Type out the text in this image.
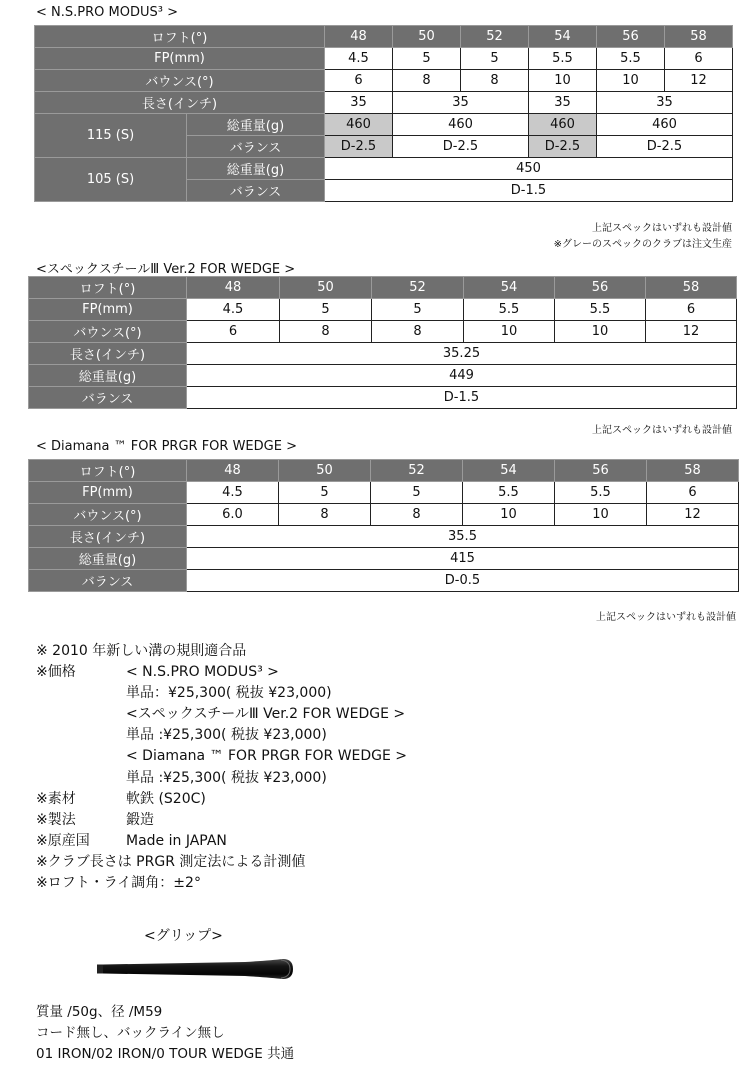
< N.S.PRO MODUS³ >
ロフト(°)		48	50	52	54	56	58
FP(mm)		4.5	5	5	5.5	5.5	6
バウンス(°)		6	8	8	10	10	12
長さ(インチ)		35	35		35	35	
115 (S)	総重量(g)	460	460		460	460	
	バランス	D-2.5	D-2.5		D-2.5	D-2.5	
105 (S)	総重量(g)	450					
	バランス	D-1.5					
上記スペックはいずれも設計値
※グレーのスペックのクラブは注文生産
<スペックスチールⅢ Ver.2 FOR WEDGE >
ロフト(°)	48	50	52	54	56	58
FP(mm)	4.5	5	5	5.5	5.5	6
バウンス(°)	6	8	8	10	10	12
長さ(インチ)	35.25					
総重量(g)	449					
バランス	D-1.5					
上記スペックはいずれも設計値
< Diamana ™ FOR PRGR FOR WEDGE >
ロフト(°)	48	50	52	54	56	58
FP(mm)	4.5	5	5	5.5	5.5	6
バウンス(°)	6.0	8	8	10	10	12
長さ(インチ)	35.5					
総重量(g)	415					
バランス	D-0.5					
上記スペックはいずれも設計値
※ 2010 年新しい溝の規則適合品
※価格	< N.S.PRO MODUS³ >
単品：¥25,300( 税抜 ¥23,000)
<スペックスチールⅢ Ver.2 FOR WEDGE >
単品 :¥25,300( 税抜 ¥23,000)
< Diamana ™ FOR PRGR FOR WEDGE >
単品 :¥25,300( 税抜 ¥23,000)
※素材	軟鉄 (S20C)
※製法	鍛造
※原産国	Made in JAPAN
※クラブ長さは PRGR 測定法による計測値
※ロフト・ライ調角：±2°
<グリップ>
質量 /50g、径 /M59
コード無し、バックライン無し
01 IRON/02 IRON/0 TOUR WEDGE 共通
